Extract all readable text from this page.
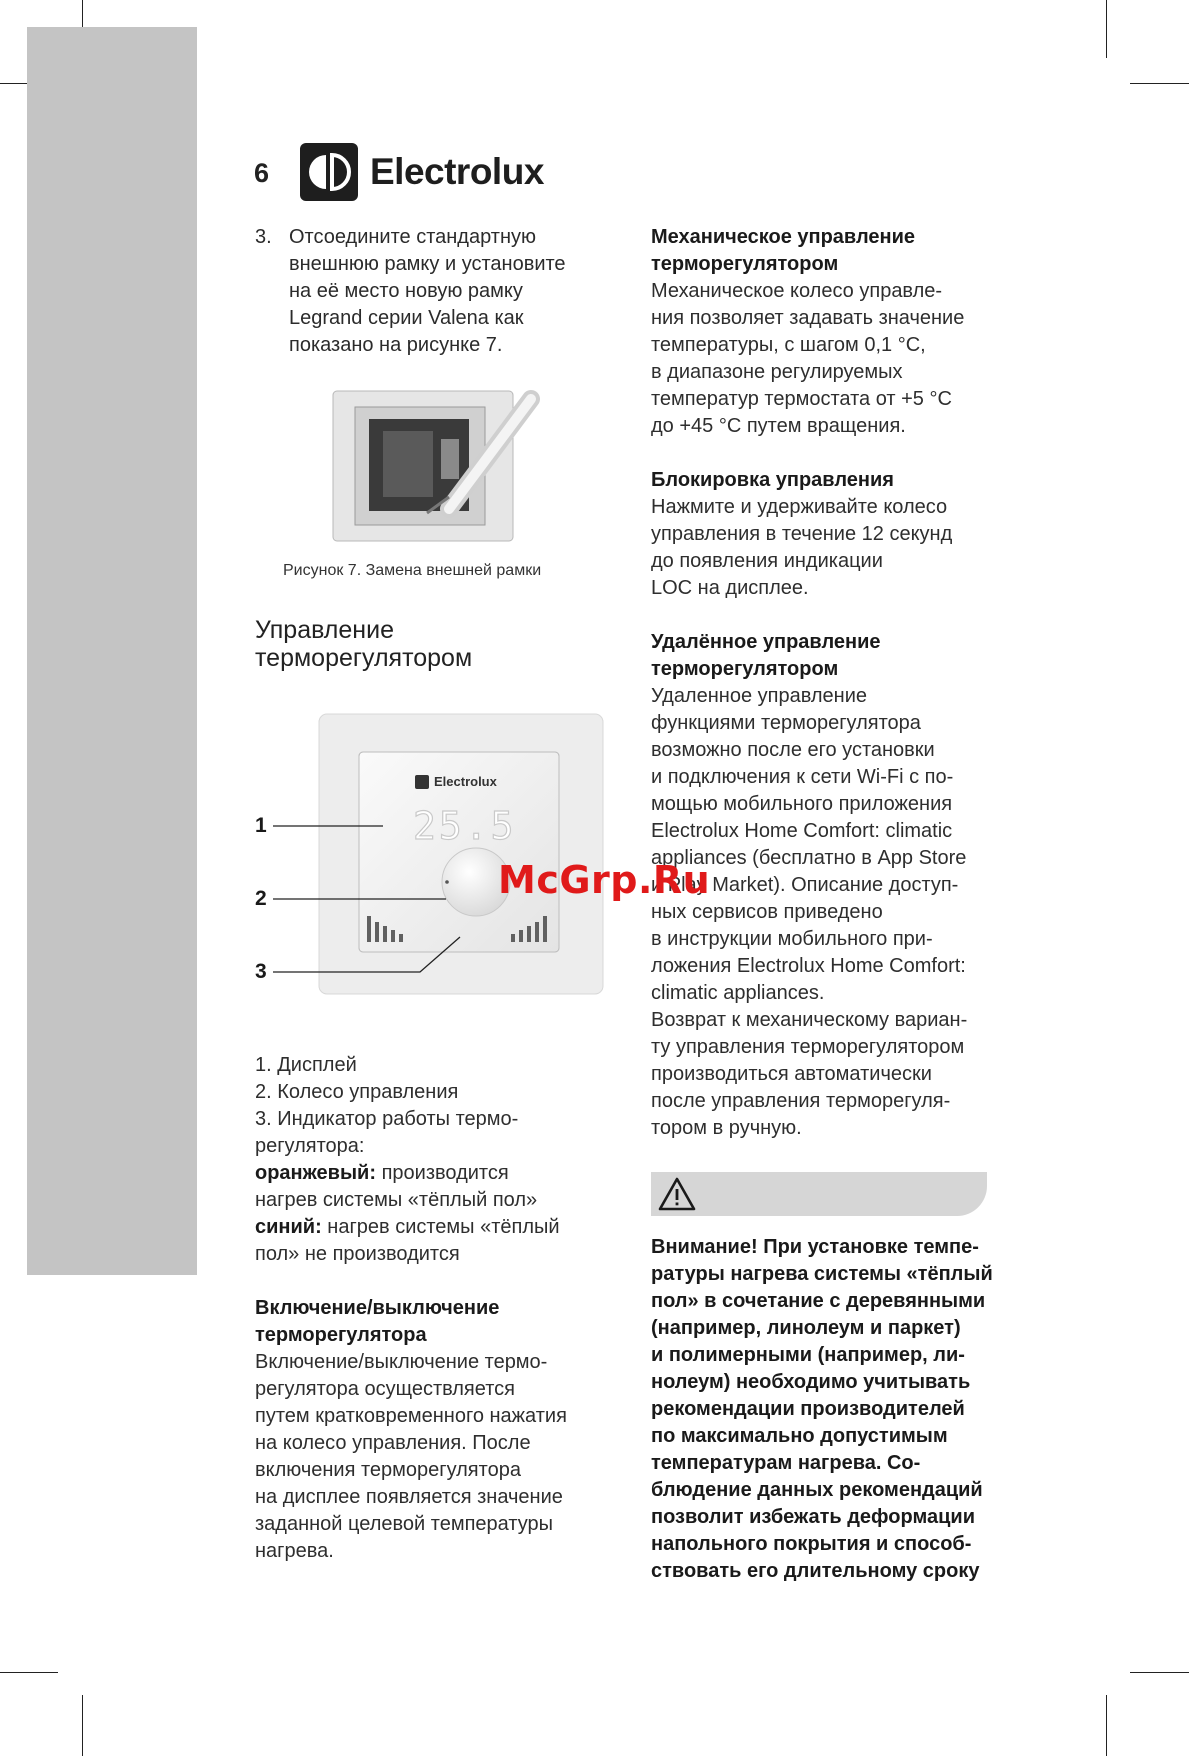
6	Electrolux
3. Отсоедините стандартную
внешнюю рамку и установите
на её место новую рамку
Legrand серии Valena как
показано на рисунке 7.
Рисунок 7. Замена внешней рамки
Управление
терморегулятором
Electrolux
25.5
1
2
3
1. Дисплей
2. Колесо управления
3. Индикатор работы термо-
регулятора:
оранжевый: производится
нагрев системы «тёплый пол»
синий: нагрев системы «тёплый
пол» не производится
Включение/выключение
терморегулятора
Включение/выключение термо-
регулятора осуществляется
путем кратковременного нажатия
на колесо управления. После
включения терморегулятора
на дисплее появляется значение
заданной целевой температуры
нагрева.
Механическое управление
терморегулятором
Механическое колесо управле-
ния позволяет задавать значение
температуры, с шагом 0,1 °C,
в диапазоне регулируемых
температур термостата от +5 °C
до +45 °C путем вращения.
Блокировка управления
Нажмите и удерживайте колесо
управления в течение 12 секунд
до появления индикации
LOC на дисплее.
Удалённое управление
терморегулятором
Удаленное управление
функциями терморегулятора
возможно после его установки
и подключения к сети Wi-Fi с по-
мощью мобильного приложения
Electrolux Home Comfort: climatic
appliances (бесплатно в App Store
и Play Market). Описание доступ-
ных сервисов приведено
в инструкции мобильного при-
ложения Electrolux Home Comfort:
climatic appliances.
Возврат к механическому вариан-
ту управления терморегулятором
производиться автоматически
после управления терморегуля-
тором в ручную.
Внимание! При установке темпе-
ратуры нагрева системы «тёплый
пол» в сочетание с деревянными
(например, линолеум и паркет)
и полимерными (например, ли-
нолеум) необходимо учитывать
рекомендации производителей
по максимально допустимым
температурам нагрева. Со-
блюдение данных рекомендаций
позволит избежать деформации
напольного покрытия и способ-
ствовать его длительному сроку
McGrp.Ru
